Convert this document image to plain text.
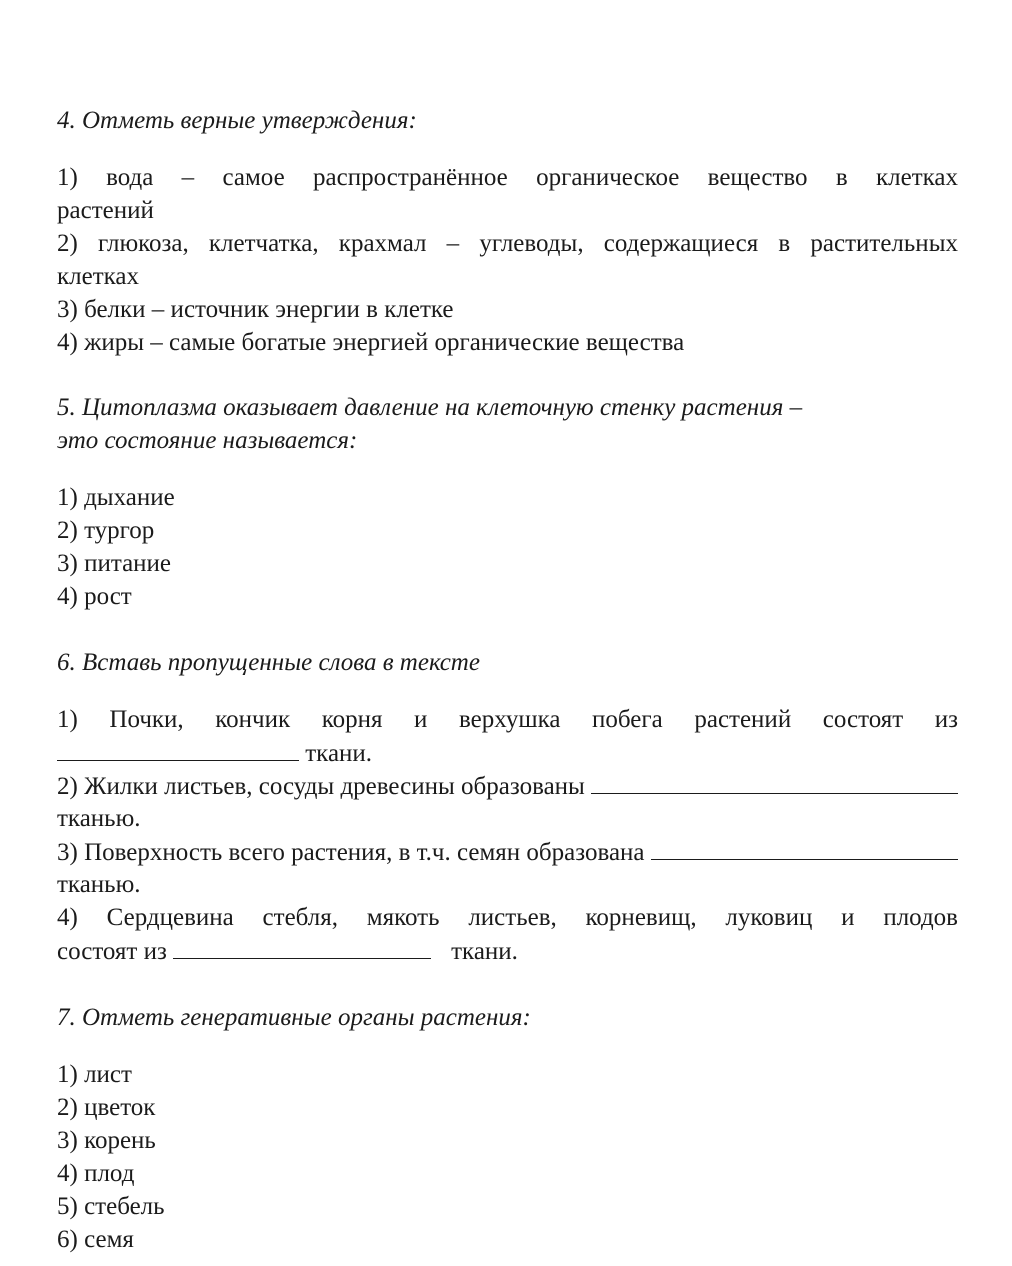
4. Отметь верные утверждения:
1) вода – самое распространённое органическое вещество в клетках
растений
2) глюкоза, клетчатка, крахмал – углеводы, содержащиеся в растительных
клетках
3) белки – источник энергии в клетке
4) жиры – самые богатые энергией органические вещества
5. Цитоплазма оказывает давление на клеточную стенку растения –
это состояние называется:
1) дыхание
2) тургор
3) питание
4) рост
6. Вставь пропущенные слова в тексте
1) Почки, кончик корня и верхушка побега растений состоят из
ткани.
2) Жилки листьев, сосуды древесины образованы
тканью.
3) Поверхность всего растения, в т.ч. семян образована
тканью.
4) Сердцевина стебля, мякоть листьев, корневищ, луковиц и плодов
состоят из	ткани.
7. Отметь генеративные органы растения:
1) лист
2) цветок
3) корень
4) плод
5) стебель
6) семя
